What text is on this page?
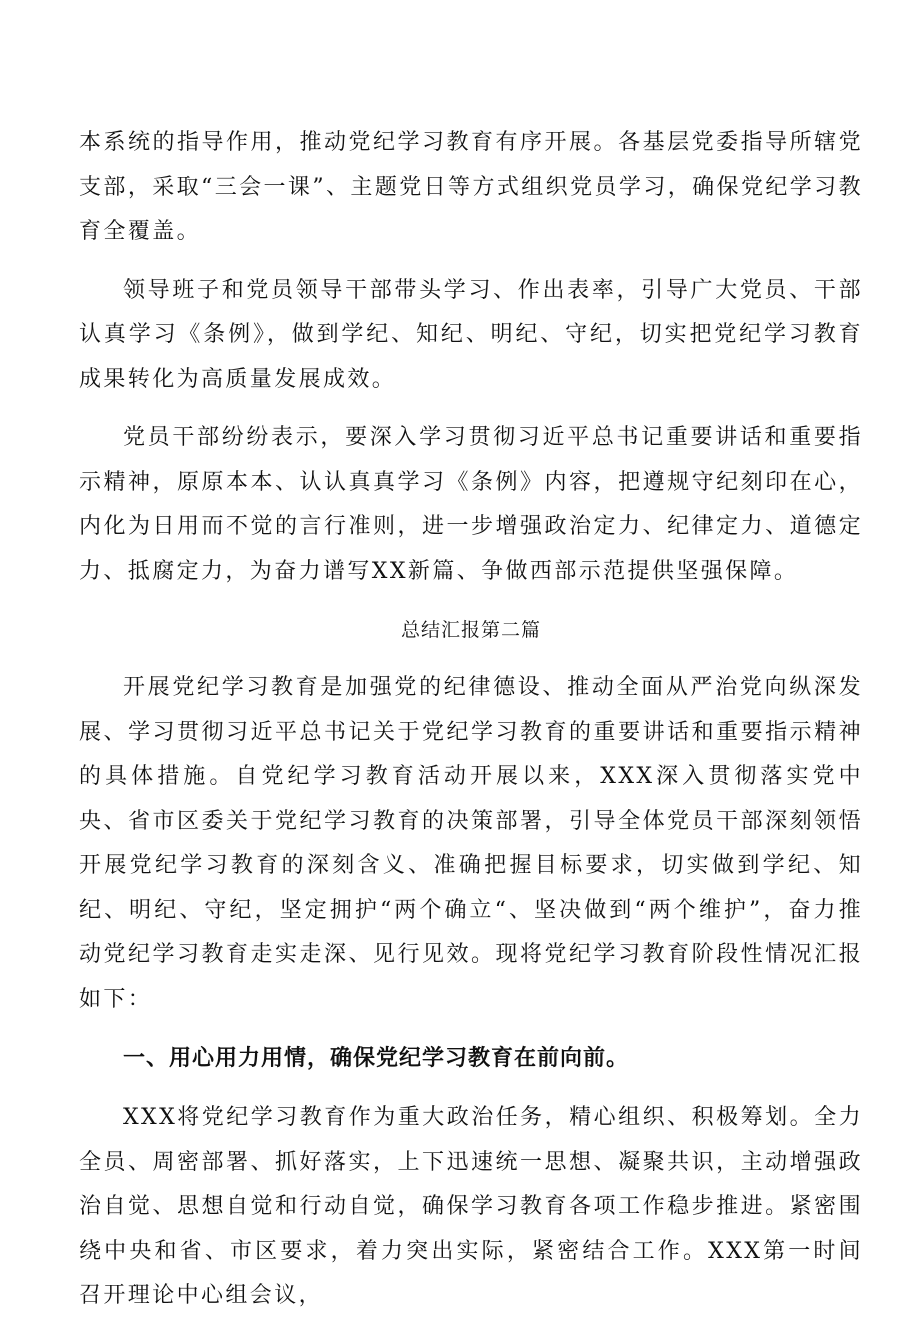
本系统的指导作用，推动党纪学习教育有序开展。各基层党委指导所辖党支部，采取“三会一课”、主题党日等方式组织党员学习，确保党纪学习教育全覆盖。

领导班子和党员领导干部带头学习、作出表率，引导广大党员、干部认真学习《条例》，做到学纪、知纪、明纪、守纪，切实把党纪学习教育成果转化为高质量发展成效。

党员干部纷纷表示，要深入学习贯彻习近平总书记重要讲话和重要指示精神，原原本本、认认真真学习《条例》内容，把遵规守纪刻印在心，内化为日用而不觉的言行准则，进一步增强政治定力、纪律定力、道德定力、抵腐定力，为奋力谱写XX新篇、争做西部示范提供坚强保障。

总结汇报第二篇

开展党纪学习教育是加强党的纪律德设、推动全面从严治党向纵深发展、学习贯彻习近平总书记关于党纪学习教育的重要讲话和重要指示精神的具体措施。自党纪学习教育活动开展以来，XXX深入贯彻落实党中央、省市区委关于党纪学习教育的决策部署，引导全体党员干部深刻领悟开展党纪学习教育的深刻含义、准确把握目标要求，切实做到学纪、知纪、明纪、守纪，坚定拥护“两个确立“、坚决做到“两个维护”，奋力推动党纪学习教育走实走深、见行见效。现将党纪学习教育阶段性情况汇报如下：

一、用心用力用情，确保党纪学习教育在前向前。

XXX将党纪学习教育作为重大政治任务，精心组织、积极筹划。全力全员、周密部署、抓好落实，上下迅速统一思想、凝聚共识，主动增强政治自觉、思想自觉和行动自觉，确保学习教育各项工作稳步推进。紧密围绕中央和省、市区要求，着力突出实际，紧密结合工作。XXX第一时间召开理论中心组会议，
